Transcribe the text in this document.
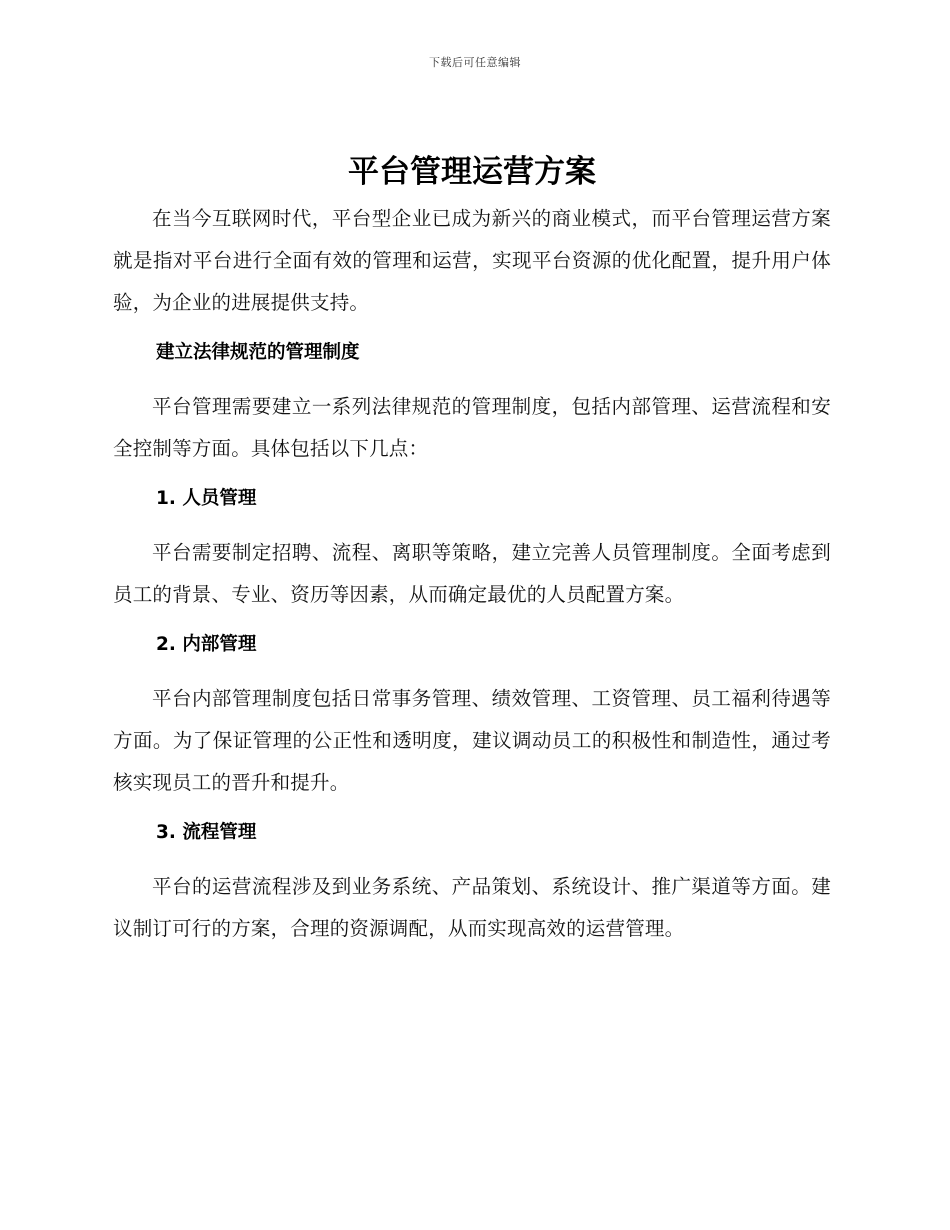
下载后可任意编辑
平台管理运营方案

在当今互联网时代，平台型企业已成为新兴的商业模式，而平台管理运营方案就是指对平台进行全面有效的管理和运营，实现平台资源的优化配置，提升用户体验，为企业的进展提供支持。

建立法律规范的管理制度

平台管理需要建立一系列法律规范的管理制度，包括内部管理、运营流程和安全控制等方面。具体包括以下几点：

1. 人员管理

平台需要制定招聘、流程、离职等策略，建立完善人员管理制度。全面考虑到员工的背景、专业、资历等因素，从而确定最优的人员配置方案。

2. 内部管理

平台内部管理制度包括日常事务管理、绩效管理、工资管理、员工福利待遇等方面。为了保证管理的公正性和透明度，建议调动员工的积极性和制造性，通过考核实现员工的晋升和提升。

3. 流程管理

平台的运营流程涉及到业务系统、产品策划、系统设计、推广渠道等方面。建议制订可行的方案，合理的资源调配，从而实现高效的运营管理。
